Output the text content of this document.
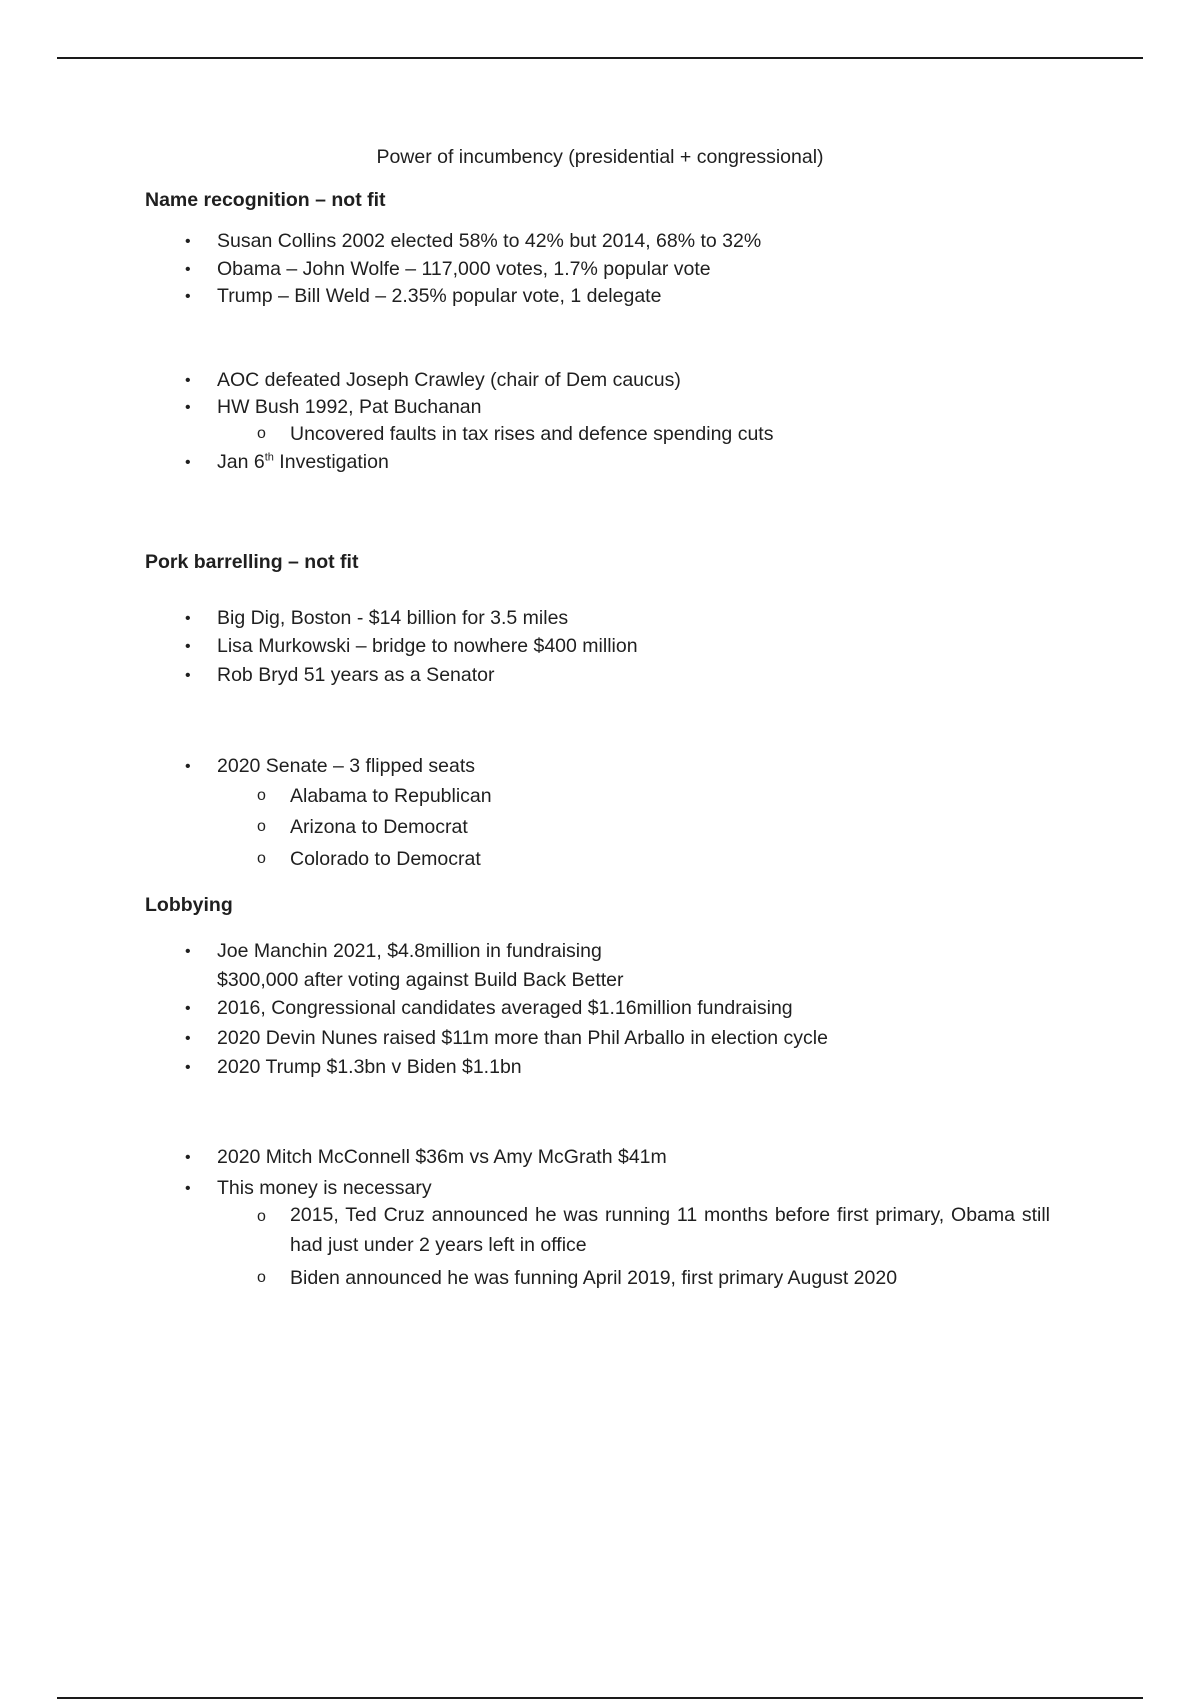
Power of incumbency (presidential + congressional)
Name recognition – not fit
• Susan Collins 2002 elected 58% to 42% but 2014, 68% to 32%
• Obama – John Wolfe – 117,000 votes, 1.7% popular vote
• Trump – Bill Weld – 2.35% popular vote, 1 delegate
• AOC defeated Joseph Crawley (chair of Dem caucus)
• HW Bush 1992, Pat Buchanan
o Uncovered faults in tax rises and defence spending cuts
• Jan 6th Investigation
Pork barrelling – not fit
• Big Dig, Boston - $14 billion for 3.5 miles
• Lisa Murkowski – bridge to nowhere $400 million
• Rob Bryd 51 years as a Senator
• 2020 Senate – 3 flipped seats
o Alabama to Republican
o Arizona to Democrat
o Colorado to Democrat
Lobbying
• Joe Manchin 2021, $4.8million in fundraising
$300,000 after voting against Build Back Better
• 2016, Congressional candidates averaged $1.16million fundraising
• 2020 Devin Nunes raised $11m more than Phil Arballo in election cycle
• 2020 Trump $1.3bn v Biden $1.1bn
• 2020 Mitch McConnell $36m vs Amy McGrath $41m
• This money is necessary
o 2015, Ted Cruz announced he was running 11 months before first primary, Obama still had just under 2 years left in office
o Biden announced he was funning April 2019, first primary August 2020
